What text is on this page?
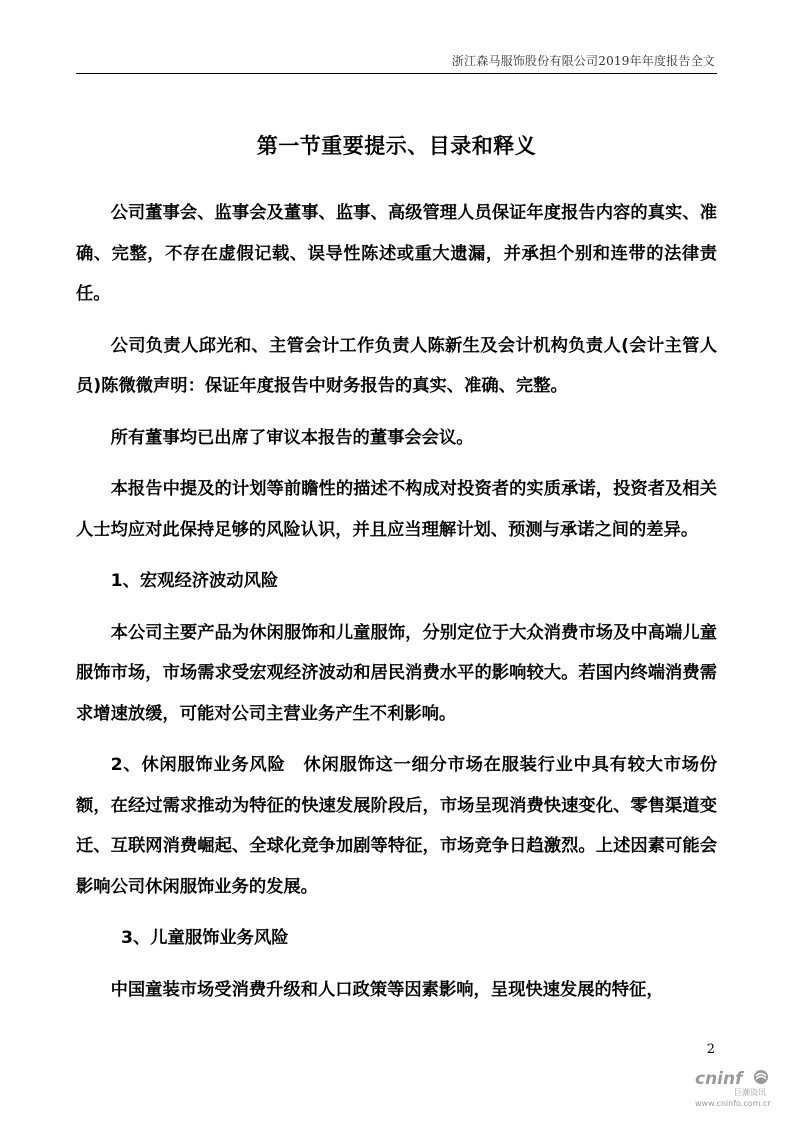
浙江森马服饰股份有限公司2019年年度报告全文
第一节重要提示、目录和释义

公司董事会、监事会及董事、监事、高级管理人员保证年度报告内容的真实、准确、完整，不存在虚假记载、误导性陈述或重大遗漏，并承担个别和连带的法律责任。

公司负责人邱光和、主管会计工作负责人陈新生及会计机构负责人(会计主管人员)陈微微声明：保证年度报告中财务报告的真实、准确、完整。

所有董事均已出席了审议本报告的董事会会议。

本报告中提及的计划等前瞻性的描述不构成对投资者的实质承诺，投资者及相关人士均应对此保持足够的风险认识，并且应当理解计划、预测与承诺之间的差异。

1、宏观经济波动风险

本公司主要产品为休闲服饰和儿童服饰，分别定位于大众消费市场及中高端儿童服饰市场，市场需求受宏观经济波动和居民消费水平的影响较大。若国内终端消费需求增速放缓，可能对公司主营业务产生不利影响。

2、休闲服饰业务风险　休闲服饰这一细分市场在服装行业中具有较大市场份额，在经过需求推动为特征的快速发展阶段后，市场呈现消费快速变化、零售渠道变迁、互联网消费崛起、全球化竞争加剧等特征，市场竞争日趋激烈。上述因素可能会影响公司休闲服饰业务的发展。

3、儿童服饰业务风险

中国童装市场受消费升级和人口政策等因素影响，呈现快速发展的特征，

2
cninf
巨潮资讯
www.cninfo.com.cn
